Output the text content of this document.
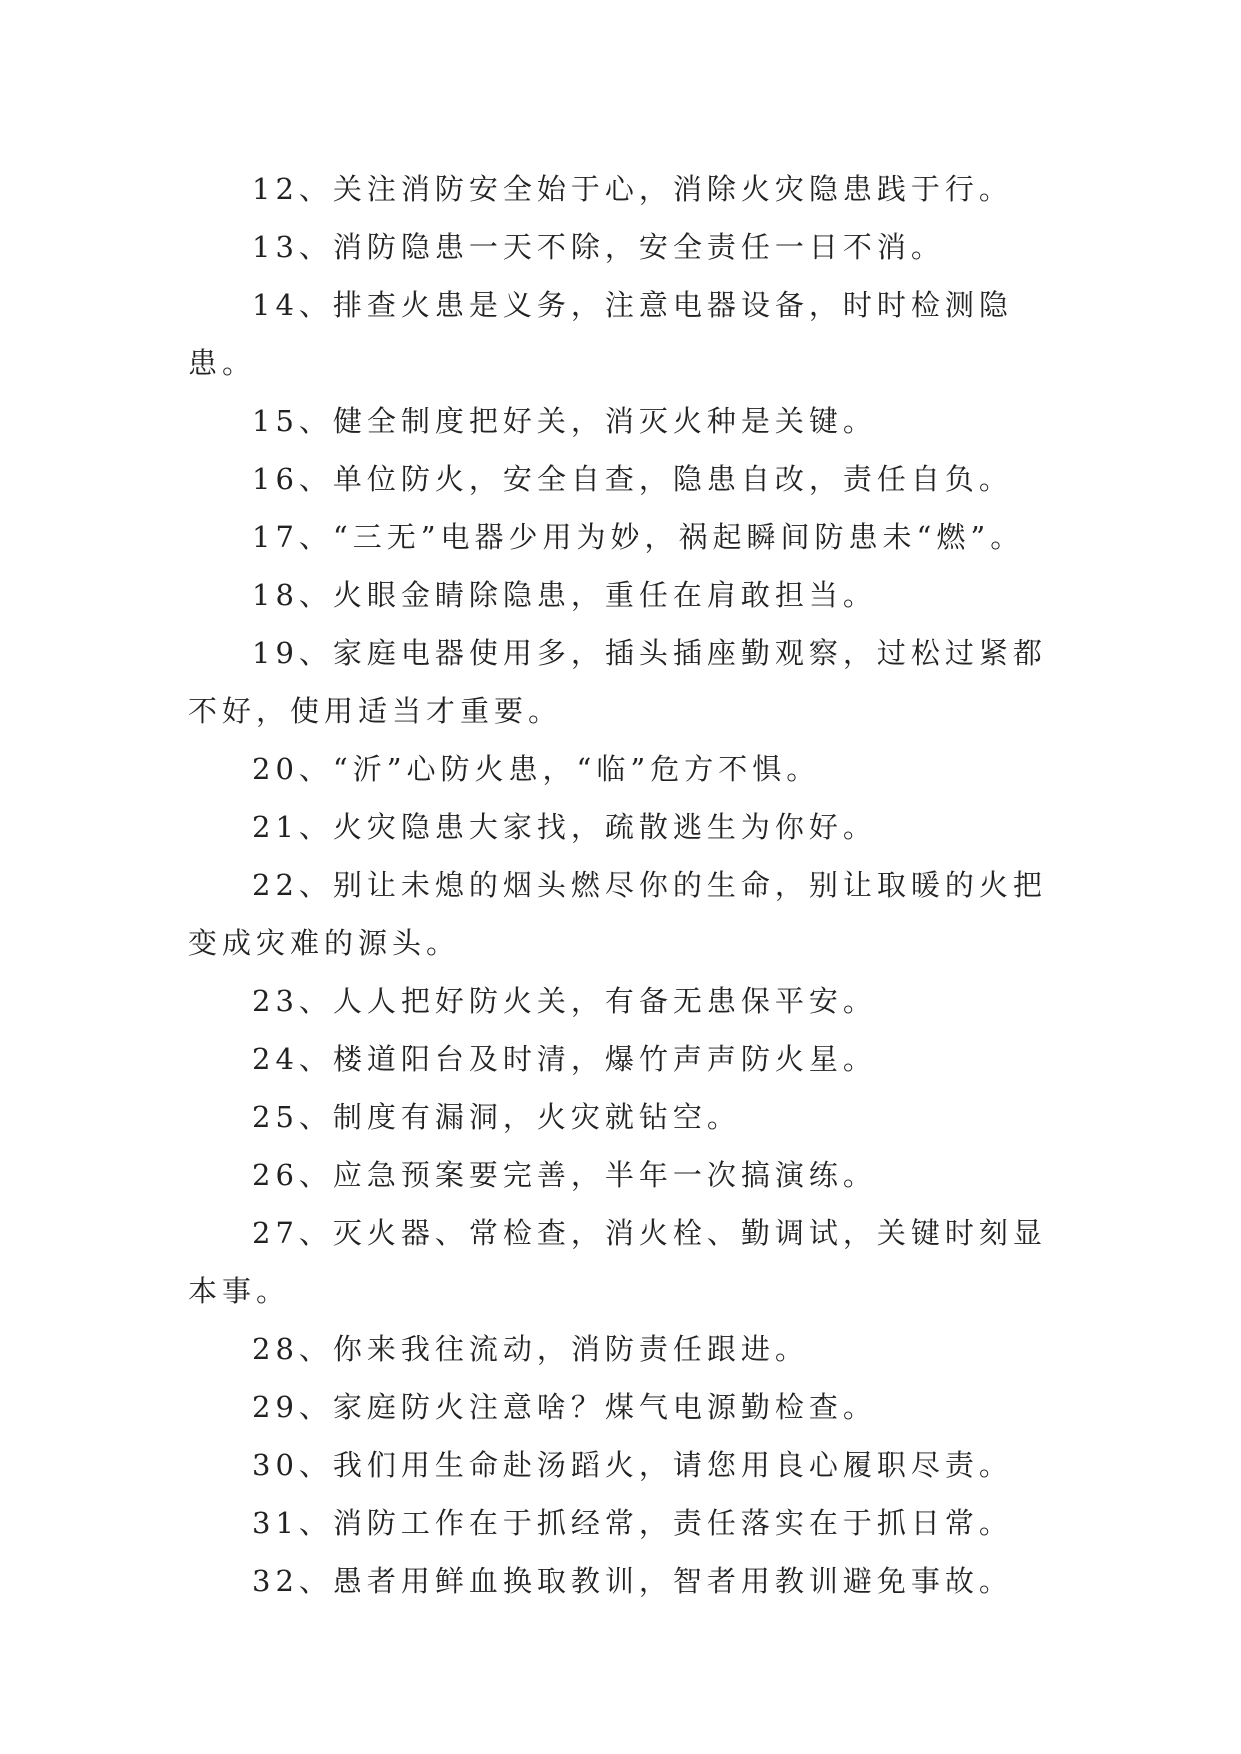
12、关注消防安全始于心，消除火灾隐患践于行。

13、消防隐患一天不除，安全责任一日不消。

14、排查火患是义务，注意电器设备，时时检测隐患。

15、健全制度把好关，消灭火种是关键。

16、单位防火，安全自查，隐患自改，责任自负。

17、“三无”电器少用为妙，祸起瞬间防患未“燃”。

18、火眼金睛除隐患，重任在肩敢担当。

19、家庭电器使用多，插头插座勤观察，过松过紧都不好，使用适当才重要。

20、“沂”心防火患，“临”危方不惧。

21、火灾隐患大家找，疏散逃生为你好。

22、别让未熄的烟头燃尽你的生命，别让取暖的火把变成灾难的源头。

23、人人把好防火关，有备无患保平安。

24、楼道阳台及时清，爆竹声声防火星。

25、制度有漏洞，火灾就钻空。

26、应急预案要完善，半年一次搞演练。

27、灭火器、常检查，消火栓、勤调试，关键时刻显本事。

28、你来我往流动，消防责任跟进。

29、家庭防火注意啥？煤气电源勤检查。

30、我们用生命赴汤蹈火，请您用良心履职尽责。

31、消防工作在于抓经常，责任落实在于抓日常。

32、愚者用鲜血换取教训，智者用教训避免事故。
